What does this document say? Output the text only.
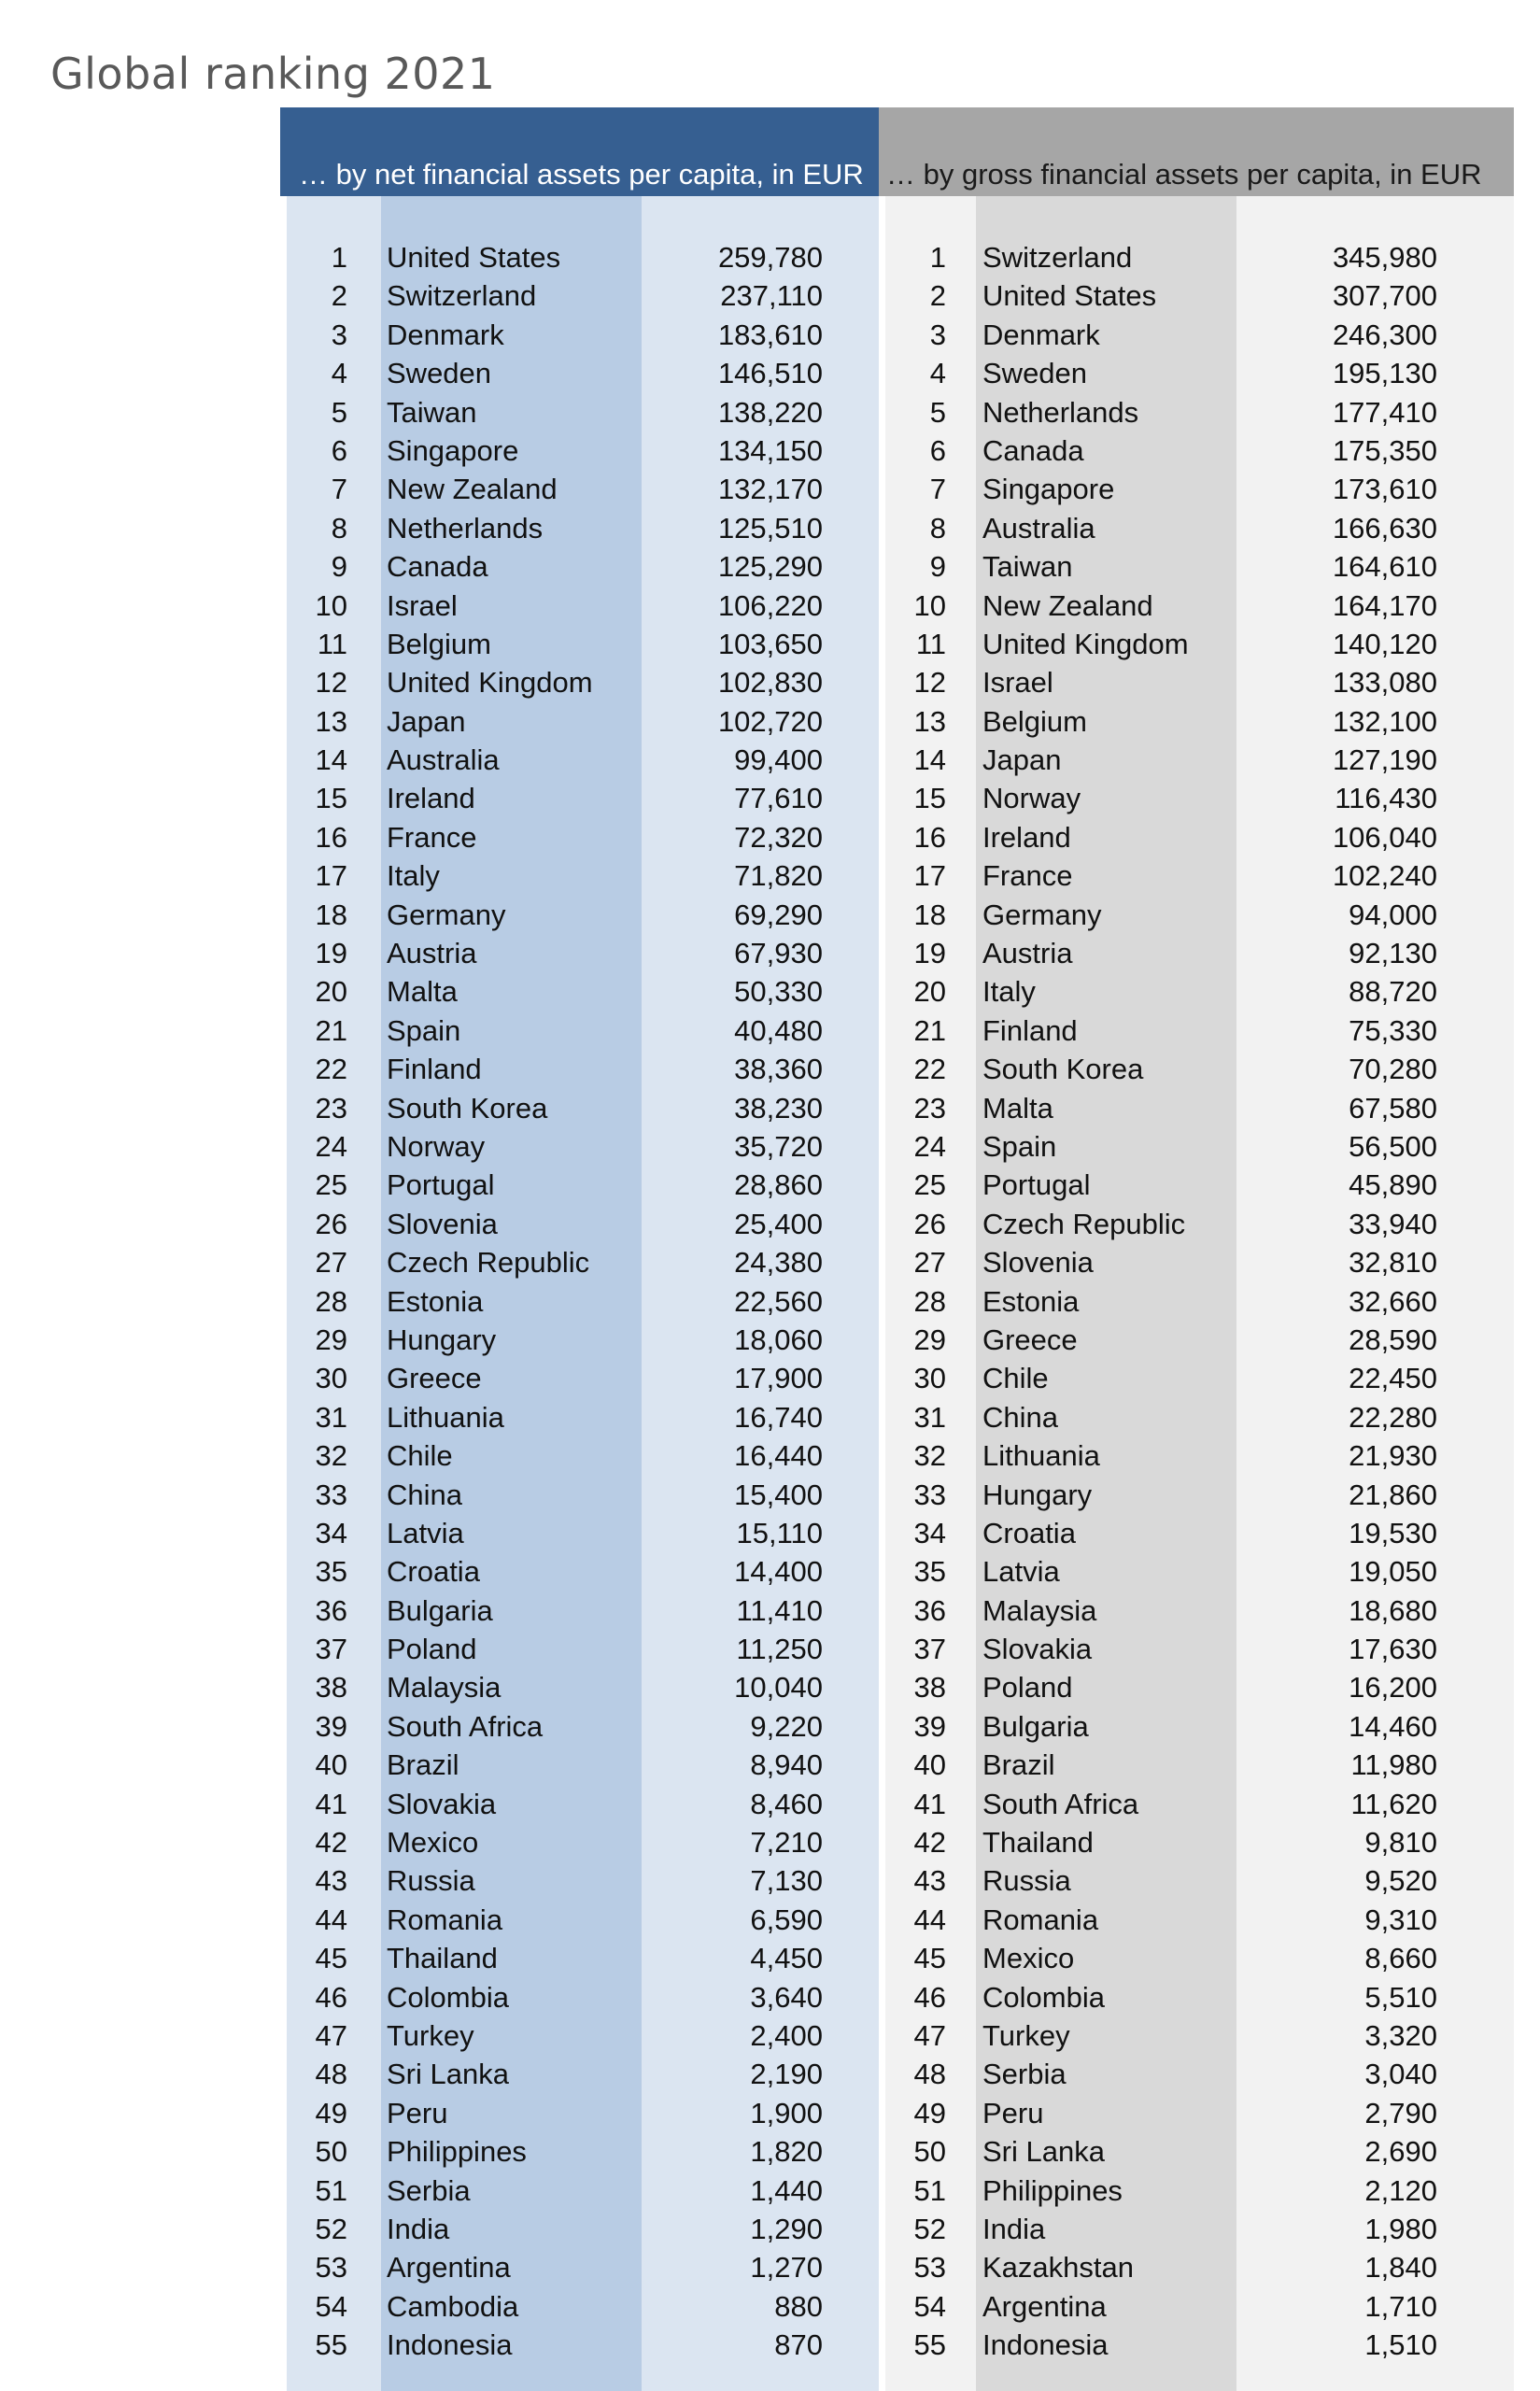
Global ranking 2021
… by net financial assets per capita, in EUR
1 United States	259,780
2 Switzerland	237,110
3 Denmark	183,610
4 Sweden	146,510
5 Taiwan	138,220
6 Singapore	134,150
7 New Zealand	132,170
8 Netherlands	125,510
9 Canada	125,290
10 Israel	106,220
11 Belgium	103,650
12 United Kingdom	102,830
13 Japan	102,720
14 Australia	99,400
15 Ireland	77,610
16 France	72,320
17 Italy	71,820
18 Germany	69,290
19 Austria	67,930
20 Malta	50,330
21 Spain	40,480
22 Finland	38,360
23 South Korea	38,230
24 Norway	35,720
25 Portugal	28,860
26 Slovenia	25,400
27 Czech Republic	24,380
28 Estonia	22,560
29 Hungary	18,060
30 Greece	17,900
31 Lithuania	16,740
32 Chile	16,440
33 China	15,400
34 Latvia	15,110
35 Croatia	14,400
36 Bulgaria	11,410
37 Poland	11,250
38 Malaysia	10,040
39 South Africa	9,220
40 Brazil	8,940
41 Slovakia	8,460
42 Mexico	7,210
43 Russia	7,130
44 Romania	6,590
45 Thailand	4,450
46 Colombia	3,640
47 Turkey	2,400
48 Sri Lanka	2,190
49 Peru	1,900
50 Philippines	1,820
51 Serbia	1,440
52 India	1,290
53 Argentina	1,270
54 Cambodia	880
55 Indonesia	870
… by gross financial assets per capita, in EUR
1 Switzerland	345,980
2 United States	307,700
3 Denmark	246,300
4 Sweden	195,130
5 Netherlands	177,410
6 Canada	175,350
7 Singapore	173,610
8 Australia	166,630
9 Taiwan	164,610
10 New Zealand	164,170
11 United Kingdom	140,120
12 Israel	133,080
13 Belgium	132,100
14 Japan	127,190
15 Norway	116,430
16 Ireland	106,040
17 France	102,240
18 Germany	94,000
19 Austria	92,130
20 Italy	88,720
21 Finland	75,330
22 South Korea	70,280
23 Malta	67,580
24 Spain	56,500
25 Portugal	45,890
26 Czech Republic	33,940
27 Slovenia	32,810
28 Estonia	32,660
29 Greece	28,590
30 Chile	22,450
31 China	22,280
32 Lithuania	21,930
33 Hungary	21,860
34 Croatia	19,530
35 Latvia	19,050
36 Malaysia	18,680
37 Slovakia	17,630
38 Poland	16,200
39 Bulgaria	14,460
40 Brazil	11,980
41 South Africa	11,620
42 Thailand	9,810
43 Russia	9,520
44 Romania	9,310
45 Mexico	8,660
46 Colombia	5,510
47 Turkey	3,320
48 Serbia	3,040
49 Peru	2,790
50 Sri Lanka	2,690
51 Philippines	2,120
52 India	1,980
53 Kazakhstan	1,840
54 Argentina	1,710
55 Indonesia	1,510
